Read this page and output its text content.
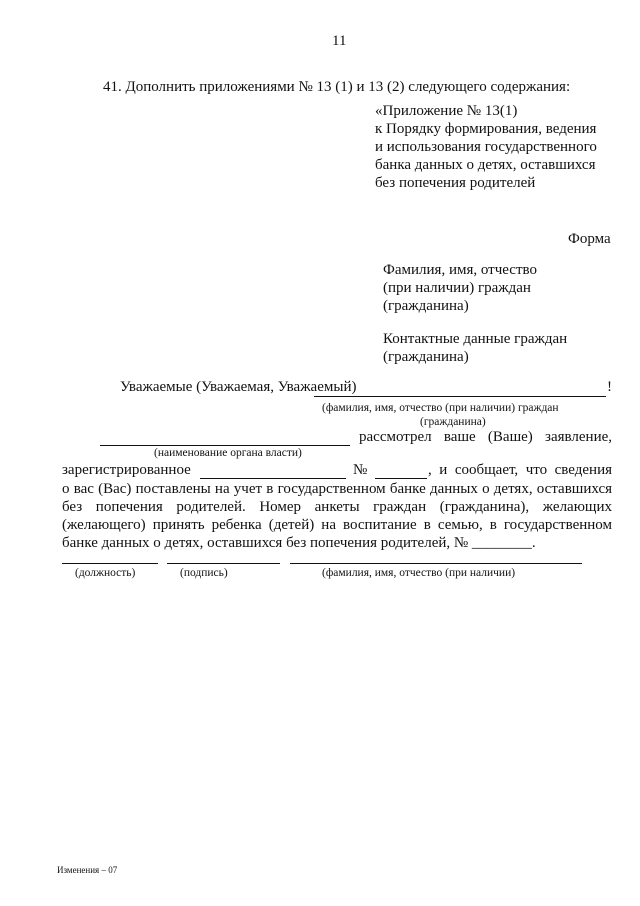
11
41. Дополнить приложениями № 13 (1) и 13 (2) следующего содержания:
«Приложение № 13(1)
к Порядку формирования, ведения
и использования государственного
банка данных о детях, оставшихся
без попечения родителей
Форма
Фамилия, имя, отчество
(при наличии) граждан
(гражданина)
Контактные данные граждан
(гражданина)
Уважаемые (Уважаемая, Уважаемый)	!
(фамилия, имя, отчество (при наличии) граждан
(гражданина)
рассмотрел ваше (Ваше) заявление,
(наименование органа власти)
зарегистрированное	№	, и сообщает, что сведения
о вас (Вас) поставлены на учет в государственном банке данных о детях, оставшихся
без попечения родителей. Номер анкеты граждан (гражданина), желающих
(желающего) принять ребенка (детей) на воспитание в семью, в государственном
банке данных о детях, оставшихся без попечения родителей, № ________.
(должность)	(подпись)	(фамилия, имя, отчество (при наличии)
Изменения – 07
